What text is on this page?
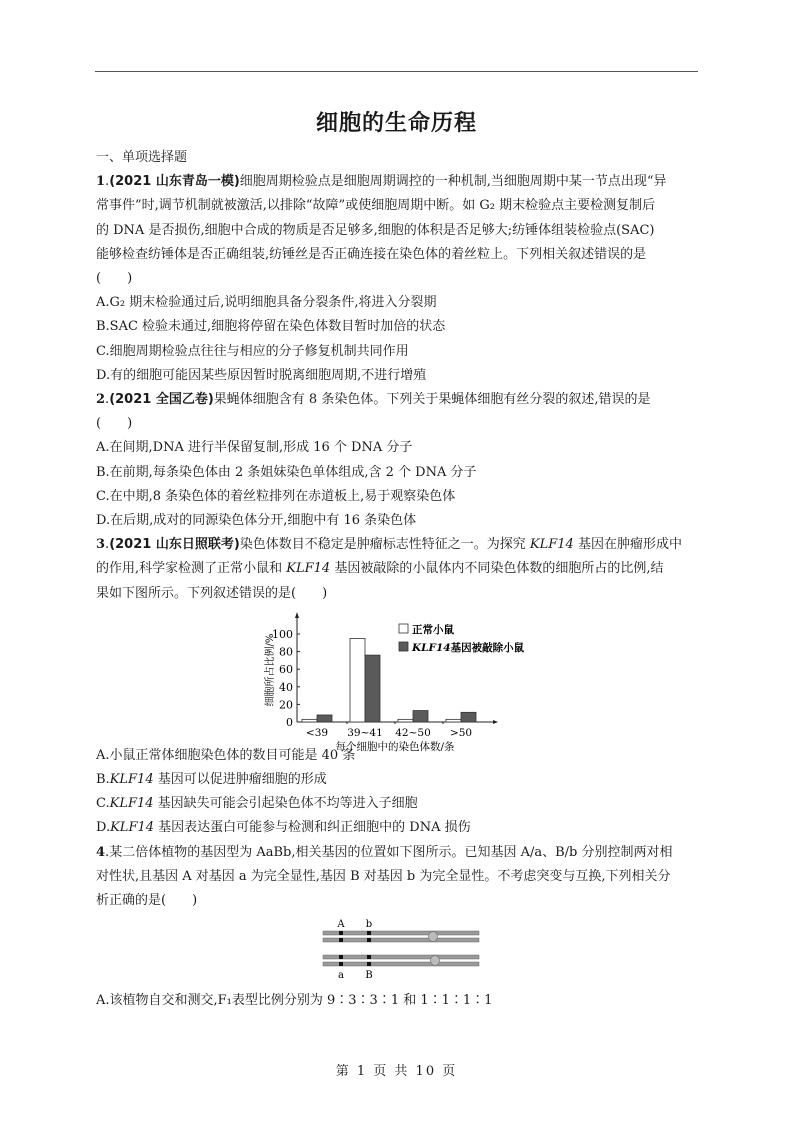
细胞的生命历程

一、单项选择题

1.(2021 山东青岛一模)细胞周期检验点是细胞周期调控的一种机制,当细胞周期中某一节点出现“异

常事件”时,调节机制就被激活,以排除“故障”或使细胞周期中断。如 G₂ 期末检验点主要检测复制后

的 DNA 是否损伤,细胞中合成的物质是否足够多,细胞的体积是否足够大;纺锤体组装检验点(SAC)

能够检查纺锤体是否正确组装,纺锤丝是否正确连接在染色体的着丝粒上。下列相关叙述错误的是

(　　)

A.G₂ 期末检验通过后,说明细胞具备分裂条件,将进入分裂期

B.SAC 检验未通过,细胞将停留在染色体数目暂时加倍的状态

C.细胞周期检验点往往与相应的分子修复机制共同作用

D.有的细胞可能因某些原因暂时脱离细胞周期,不进行增殖

2.(2021 全国乙卷)果蝇体细胞含有 8 条染色体。下列关于果蝇体细胞有丝分裂的叙述,错误的是

(　　)

A.在间期,DNA 进行半保留复制,形成 16 个 DNA 分子

B.在前期,每条染色体由 2 条姐妹染色单体组成,含 2 个 DNA 分子

C.在中期,8 条染色体的着丝粒排列在赤道板上,易于观察染色体

D.在后期,成对的同源染色体分开,细胞中有 16 条染色体

3.(2021 山东日照联考)染色体数目不稳定是肿瘤标志性特征之一。为探究 KLF14 基因在肿瘤形成中

的作用,科学家检测了正常小鼠和 KLF14 基因被敲除的小鼠体内不同染色体数的细胞所占的比例,结

果如下图所示。下列叙述错误的是(　　)

0
20
40
60
80
100
细胞所占比例/%
<39 39~41 42~50 >50
每个细胞中的染色体数/条
正常小鼠
KLF14基因被敲除小鼠

A.小鼠正常体细胞染色体的数目可能是 40 条

B.KLF14 基因可以促进肿瘤细胞的形成

C.KLF14 基因缺失可能会引起染色体不均等进入子细胞

D.KLF14 基因表达蛋白可能参与检测和纠正细胞中的 DNA 损伤

4.某二倍体植物的基因型为 AaBb,相关基因的位置如下图所示。已知基因 A/a、B/b 分别控制两对相

对性状,且基因 A 对基因 a 为完全显性,基因 B 对基因 b 为完全显性。不考虑突变与互换,下列相关分

析正确的是(　　)

A b
a B

A.该植物自交和测交,F₁表型比例分别为 9∶3∶3∶1 和 1∶1∶1∶1

第 1 页 共 10 页
